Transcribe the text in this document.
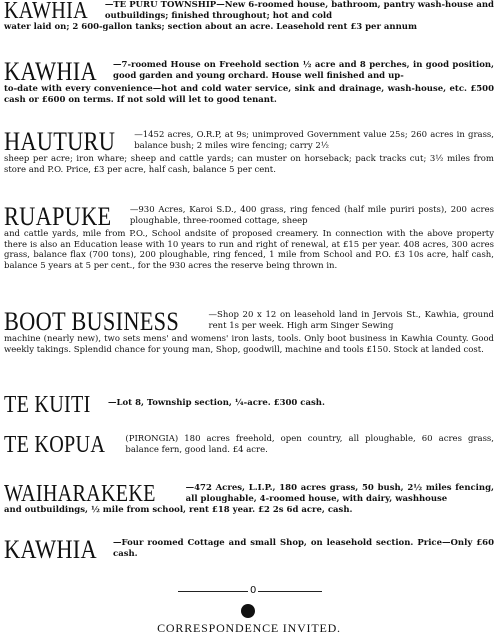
KAWHIA —TE PURU TOWNSHIP—New 6-roomed house, bathroom, pantry wash-house and outbuildings; finished throughout; hot and cold
water laid on; 2 600-gallon tanks; section about an acre. Leasehold rent £3 per annum
KAWHIA —7-roomed House on Freehold section ½ acre and 8 perches, in good position, good garden and young orchard. House well finished and up-
to-date with every convenience—hot and cold water service, sink and drainage, wash-house, etc. £500 cash or £600 on terms. If not sold will let to good tenant.
HAUTURU —1452 acres, O.R.P, at 9s; unimproved Government value 25s; 260 acres in grass, balance bush; 2 miles wire fencing; carry 2½
sheep per acre; iron whare; sheep and cattle yards; can muster on horseback; pack tracks cut; 3½ miles from store and P.O. Price, £3 per acre, half cash, balance 5 per cent.
RUAPUKE —930 Acres, Karoi S.D., 400 grass, ring fenced (half mile puriri posts), 200 acres ploughable, three-roomed cottage, sheep
and cattle yards, mile from P.O., School andsite of proposed creamery. In connection with the above property there is also an Education lease with 10 years to run and right of renewal, at £15 per year. 408 acres, 300 acres grass, balance flax (700 tons), 200 ploughable, ring fenced, 1 mile from School and P.O. £3 10s acre, half cash, balance 5 years at 5 per cent., for the 930 acres the reserve being thrown in.
BOOT BUSINESS	—Shop 20 x 12 on leasehold land in Jervois St., Kawhia, ground rent 1s per week. High arm Singer Sewing
machine (nearly new), two sets mens' and womens' iron lasts, tools. Only boot business in Kawhia County. Good weekly takings. Splendid chance for young man, Shop, goodwill, machine and tools £150. Stock at landed cost.
TE KUITI —Lot 8, Township section, ¼-acre. £300 cash.
TE KOPUA (PIRONGIA) 180 acres freehold, open country, all ploughable, 60 acres grass, balance fern, good land. £4 acre.
WAIHARAKEKE	—472 Acres, L.I.P., 180 acres grass, 50 bush, 2½ miles fencing, all ploughable, 4-roomed house, with dairy, washhouse
and outbuildings, ½ mile from school, rent £18 year. £2 2s 6d acre, cash.
KAWHIA —Four roomed Cottage and small Shop, on leasehold section. Price—Only £60 cash.
0
CORRESPONDENCE INVITED.
